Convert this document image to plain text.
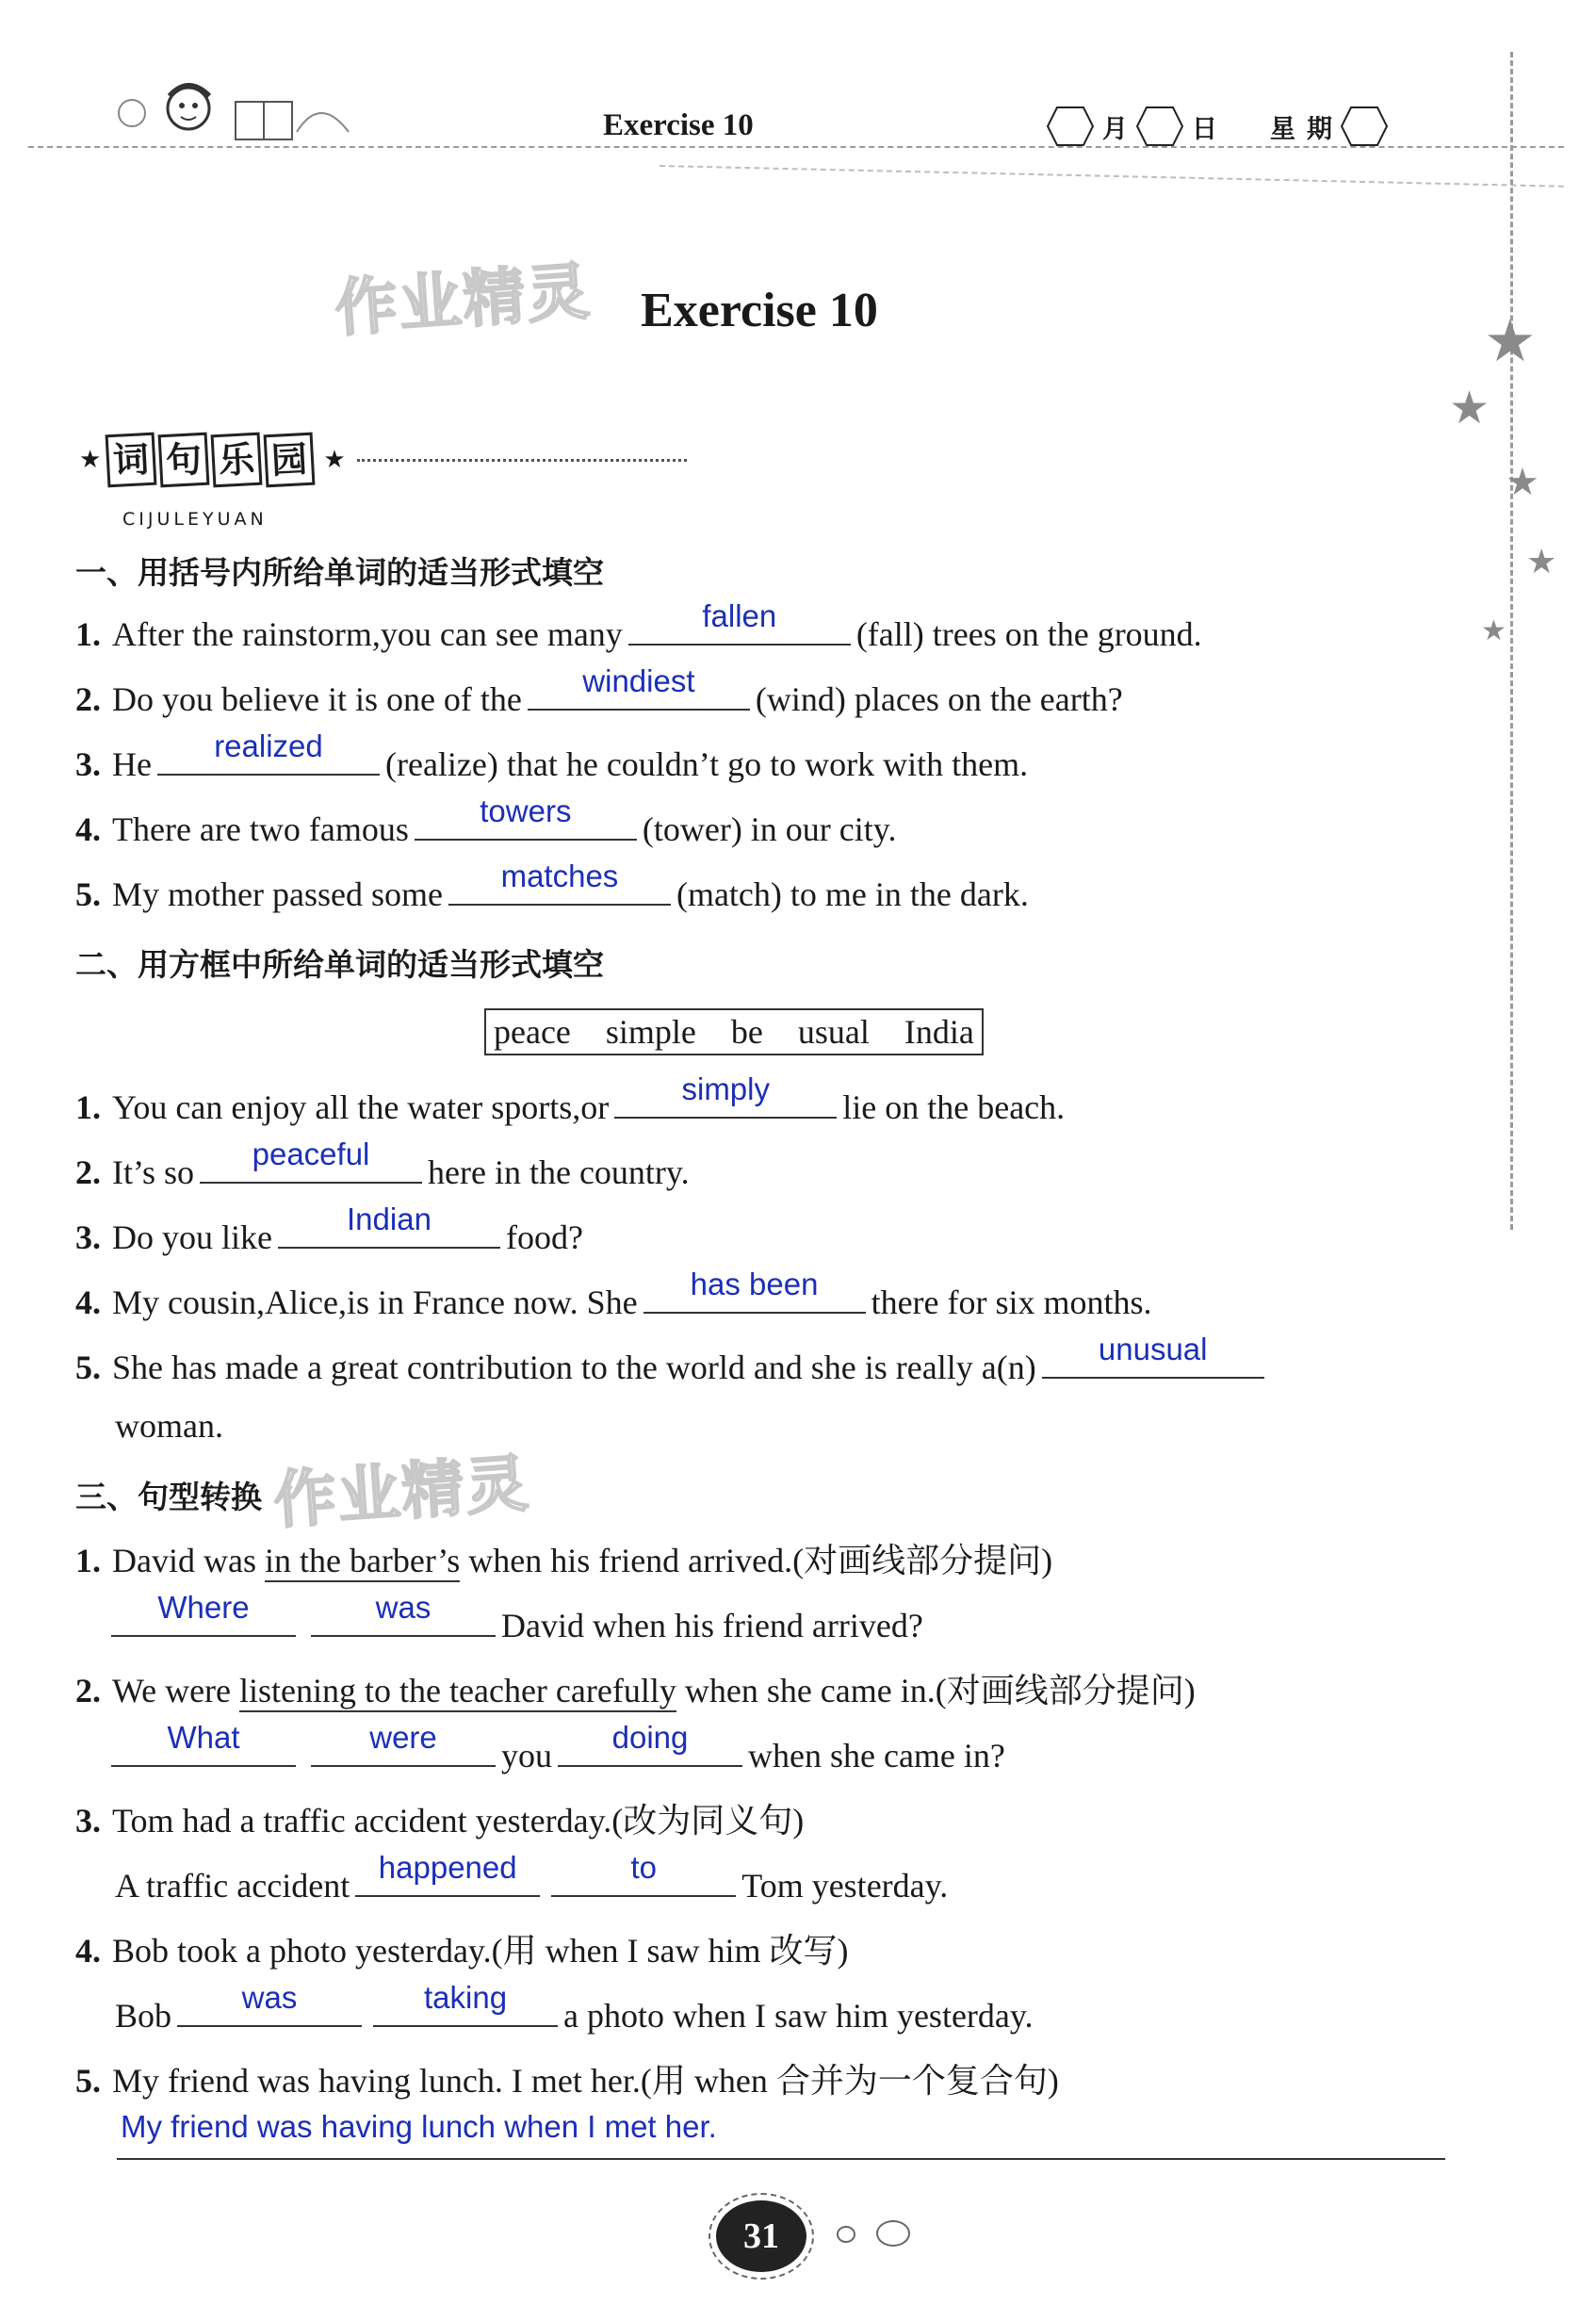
Exercise 10	月	日 星 期
★
★
★
★
★
作业精灵
作业精灵
Exercise 10
★ 词 句 乐 园 ★
CIJULEYUAN
一、用括号内所给单词的适当形式填空
1. After the rainstorm,you can see many	fallen	(fall) trees on the ground.
2. Do you believe it is one of the	windiest	(wind) places on the earth?
3. He	realized	(realize) that he couldn’t go to work with them.
4. There are two famous	towers	(tower) in our city.
5. My mother passed some	matches	(match) to me in the dark.
二、用方框中所给单词的适当形式填空
peace simple be usual India
1. You can enjoy all the water sports,or	simply	lie on the beach.
2. It’s so	peaceful	here in the country.
3. Do you like	Indian	food?
4. My cousin,Alice,is in France now. She	has been	there for six months.
5. She has made a great contribution to the world and she is really a(n)	unusual
woman.
三、句型转换
1. David was
in the barber’s
when his friend arrived.(对画线部分提问)
Where	was	David when his friend arrived?
2. We were
listening to the teacher carefully
when she came in.(对画线部分提问)
What	were	you	doing	when she came in?
3. Tom had a traffic accident yesterday.(改为同义句)
A traffic accident happened	to	Tom yesterday.
4. Bob took a photo yesterday.(用 when I saw him 改写)
Bob	was	taking	a photo when I saw him yesterday.
5. My friend was having lunch. I met her.(用 when 合并为一个复合句)
My friend was having lunch when I met her.
31
